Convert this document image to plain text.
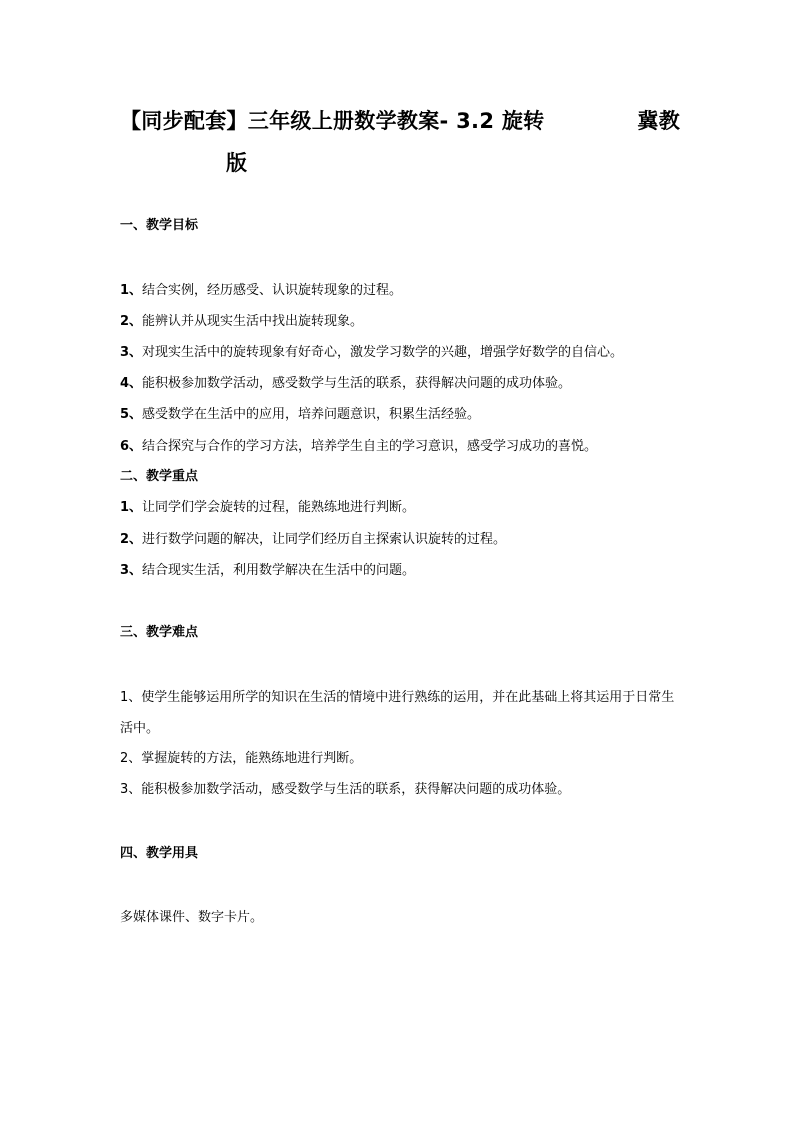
【同步配套】三年级上册数学教案- 3.2 旋转	冀教
版
一、教学目标
1、结合实例，经历感受、认识旋转现象的过程。
2、能辨认并从现实生活中找出旋转现象。
3、对现实生活中的旋转现象有好奇心，激发学习数学的兴趣，增强学好数学的自信心。
4、能积极参加数学活动，感受数学与生活的联系，获得解决问题的成功体验。
5、感受数学在生活中的应用，培养问题意识，积累生活经验。
6、结合探究与合作的学习方法，培养学生自主的学习意识，感受学习成功的喜悦。
二、教学重点
1、让同学们学会旋转的过程，能熟练地进行判断。
2、进行数学问题的解决，让同学们经历自主探索认识旋转的过程。
3、结合现实生活，利用数学解决在生活中的问题。
三、教学难点
1、使学生能够运用所学的知识在生活的情境中进行熟练的运用，并在此基础上将其运用于日常生活中。
2、掌握旋转的方法，能熟练地进行判断。
3、能积极参加数学活动，感受数学与生活的联系，获得解决问题的成功体验。
四、教学用具
多媒体课件、数字卡片。
